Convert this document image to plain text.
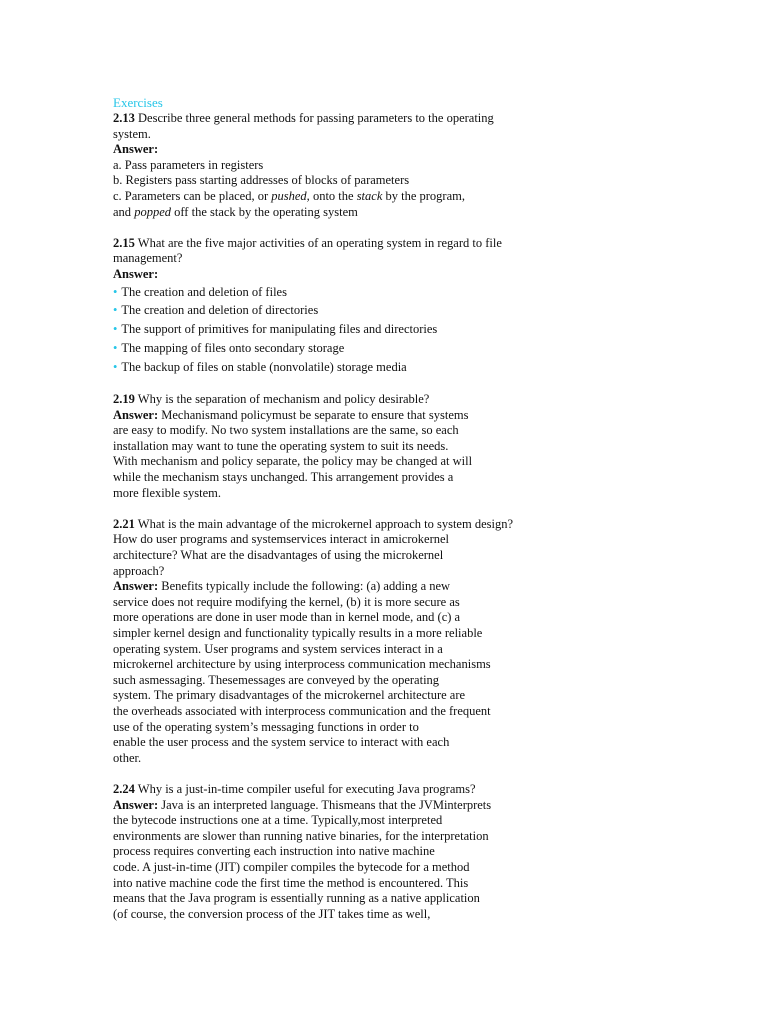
Exercises
2.13 Describe three general methods for passing parameters to the operating
system.
Answer:
a. Pass parameters in registers
b. Registers pass starting addresses of blocks of parameters
c. Parameters can be placed, or pushed, onto the stack by the program,
and popped off the stack by the operating system
2.15 What are the five major activities of an operating system in regard to file
management?
Answer:
• The creation and deletion of files
• The creation and deletion of directories
• The support of primitives for manipulating files and directories
• The mapping of files onto secondary storage
• The backup of files on stable (nonvolatile) storage media
2.19 Why is the separation of mechanism and policy desirable?
Answer: Mechanismand policymust be separate to ensure that systems
are easy to modify. No two system installations are the same, so each
installation may want to tune the operating system to suit its needs.
With mechanism and policy separate, the policy may be changed at will
while the mechanism stays unchanged. This arrangement provides a
more flexible system.
2.21 What is the main advantage of the microkernel approach to system design?
How do user programs and systemservices interact in amicrokernel
architecture? What are the disadvantages of using the microkernel
approach?
Answer: Benefits typically include the following: (a) adding a new
service does not require modifying the kernel, (b) it is more secure as
more operations are done in user mode than in kernel mode, and (c) a
simpler kernel design and functionality typically results in a more reliable
operating system. User programs and system services interact in a
microkernel architecture by using interprocess communication mechanisms
such asmessaging. Thesemessages are conveyed by the operating
system. The primary disadvantages of the microkernel architecture are
the overheads associated with interprocess communication and the frequent
use of the operating system’s messaging functions in order to
enable the user process and the system service to interact with each
other.
2.24 Why is a just-in-time compiler useful for executing Java programs?
Answer: Java is an interpreted language. Thismeans that the JVMinterprets
the bytecode instructions one at a time. Typically,most interpreted
environments are slower than running native binaries, for the interpretation
process requires converting each instruction into native machine
code. A just-in-time (JIT) compiler compiles the bytecode for a method
into native machine code the first time the method is encountered. This
means that the Java program is essentially running as a native application
(of course, the conversion process of the JIT takes time as well,
